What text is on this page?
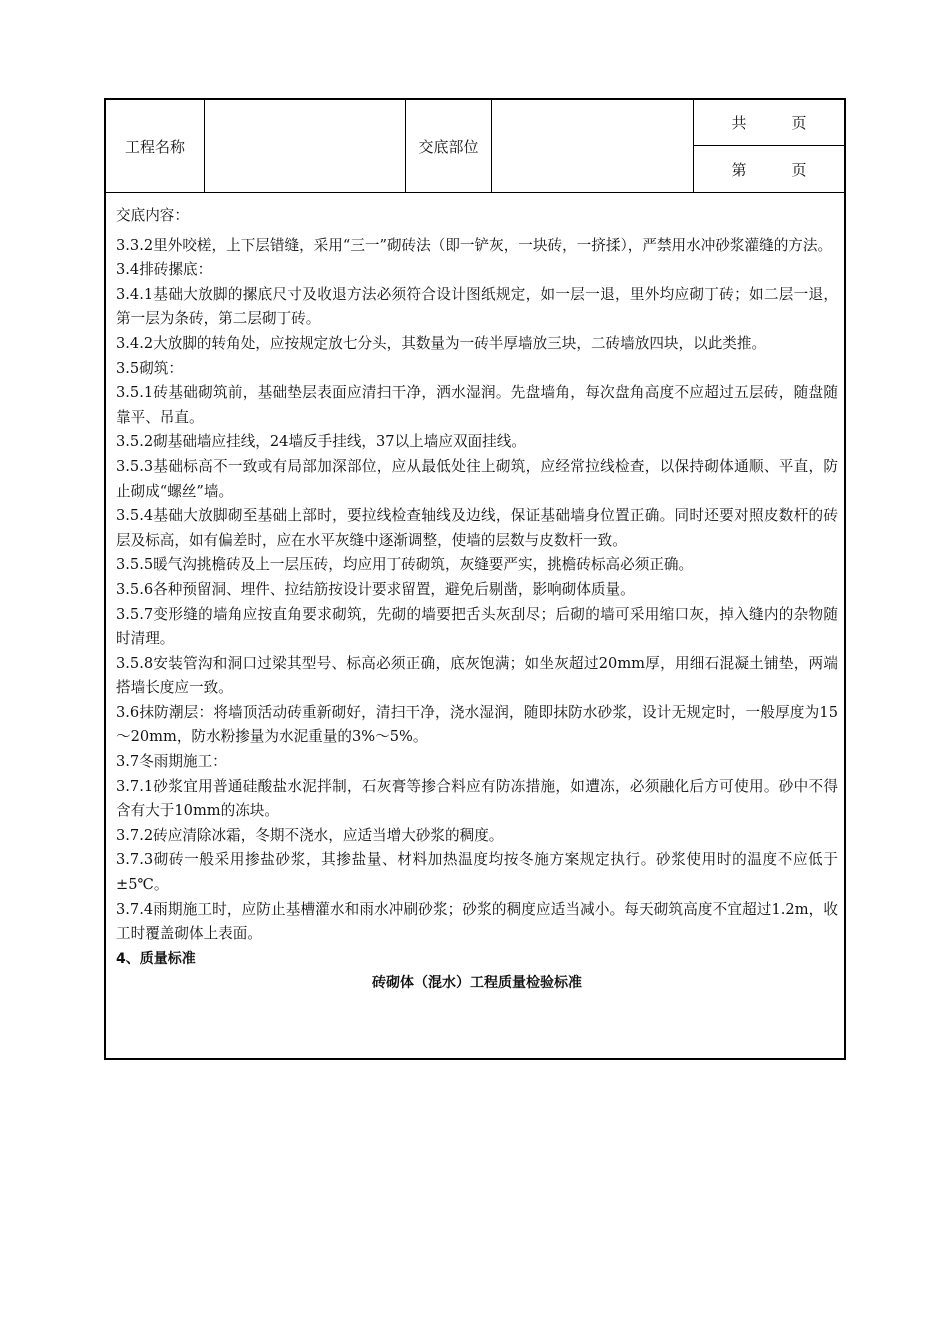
工程名称	交底部位
共　　　页
第　　　页

交底内容：

3.3.2里外咬槎，上下层错缝，采用“三一”砌砖法（即一铲灰，一块砖，一挤揉），严禁用水冲砂浆灌缝的方法。

3.4排砖摞底：

3.4.1基础大放脚的摞底尺寸及收退方法必须符合设计图纸规定，如一层一退，里外均应砌丁砖；如二层一退，第一层为条砖，第二层砌丁砖。

3.4.2大放脚的转角处，应按规定放七分头，其数量为一砖半厚墙放三块，二砖墙放四块，以此类推。

3.5砌筑：

3.5.1砖基础砌筑前，基础垫层表面应清扫干净，洒水湿润。先盘墙角，每次盘角高度不应超过五层砖，随盘随靠平、吊直。

3.5.2砌基础墙应挂线，24墙反手挂线，37以上墙应双面挂线。

3.5.3基础标高不一致或有局部加深部位，应从最低处往上砌筑，应经常拉线检查，以保持砌体通顺、平直，防止砌成“螺丝”墙。

3.5.4基础大放脚砌至基础上部时，要拉线检查轴线及边线，保证基础墙身位置正确。同时还要对照皮数杆的砖层及标高，如有偏差时，应在水平灰缝中逐渐调整，使墙的层数与皮数杆一致。

3.5.5暖气沟挑檐砖及上一层压砖，均应用丁砖砌筑，灰缝要严实，挑檐砖标高必须正确。

3.5.6各种预留洞、埋件、拉结筋按设计要求留置，避免后剔凿，影响砌体质量。

3.5.7变形缝的墙角应按直角要求砌筑，先砌的墙要把舌头灰刮尽；后砌的墙可采用缩口灰，掉入缝内的杂物随时清理。

3.5.8安装管沟和洞口过梁其型号、标高必须正确，底灰饱满；如坐灰超过20mm厚，用细石混凝土铺垫，两端搭墙长度应一致。

3.6抹防潮层：将墙顶活动砖重新砌好，清扫干净，浇水湿润，随即抹防水砂浆，设计无规定时，一般厚度为15～20mm，防水粉掺量为水泥重量的3%～5%。

3.7冬雨期施工：

3.7.1砂浆宜用普通硅酸盐水泥拌制，石灰膏等掺合料应有防冻措施，如遭冻，必须融化后方可使用。砂中不得含有大于10mm的冻块。

3.7.2砖应清除冰霜，冬期不浇水，应适当增大砂浆的稠度。

3.7.3砌砖一般采用掺盐砂浆，其掺盐量、材料加热温度均按冬施方案规定执行。砂浆使用时的温度不应低于±5℃。

3.7.4雨期施工时，应防止基槽灌水和雨水冲刷砂浆；砂浆的稠度应适当减小。每天砌筑高度不宜超过1.2m，收工时覆盖砌体上表面。

4、质量标准

砖砌体（混水）工程质量检验标准
